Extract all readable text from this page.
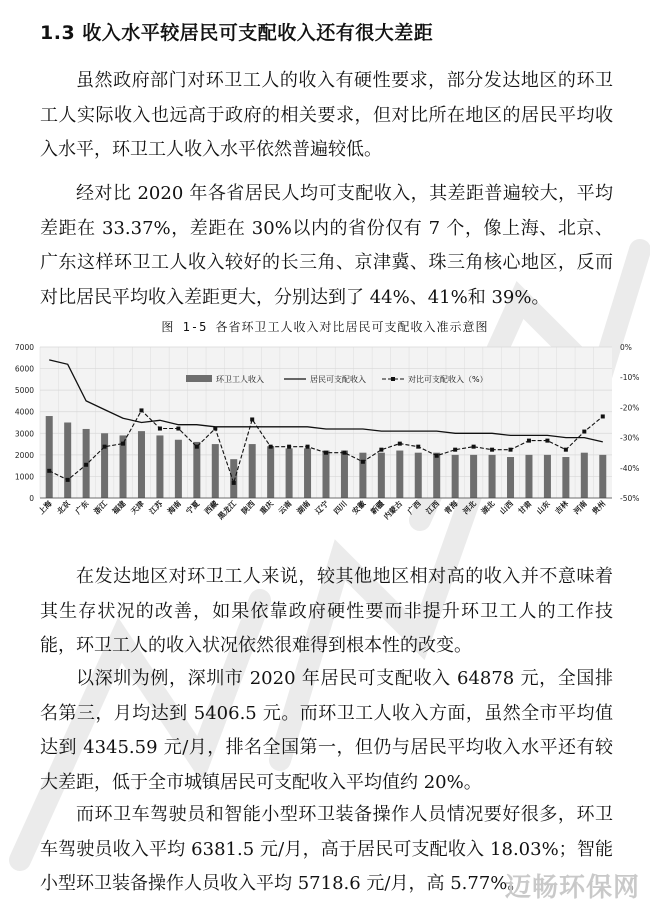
1.3 收入水平较居民可支配收入还有很大差距

虽然政府部门对环卫工人的收入有硬性要求，部分发达地区的环卫工人实际收入也远高于政府的相关要求，但对比所在地区的居民平均收入水平，环卫工人收入水平依然普遍较低。

经对比 2020 年各省居民人均可支配收入，其差距普遍较大，平均差距在 33.37%，差距在 30%以内的省份仅有 7 个，像上海、北京、广东这样环卫工人收入较好的长三角、京津冀、珠三角核心地区，反而对比居民平均收入差距更大，分别达到了 44%、41%和 39%。

图 1-5 各省环卫工人收入对比居民可支配收入准示意图
0
1000
2000
3000
4000
5000
6000
7000	0%
-10%
-20%
-30%
-40%
-50%
上海 北京 广东 浙江 福建 天津 江苏 海南 宁夏 西藏
黑龙江 陕西 重庆 云南 湖南 辽宁 四川 安徽 新疆
内蒙古 广西 江西 青海 河北 湖北 山西 甘肃 山东 吉林 河南 贵州
环卫工人收入	居民可支配收入	对比可支配收入（%）

在发达地区对环卫工人来说，较其他地区相对高的收入并不意味着其生存状况的改善，如果依靠政府硬性要而非提升环卫工人的工作技能，环卫工人的收入状况依然很难得到根本性的改变。

以深圳为例，深圳市 2020 年居民可支配收入 64878 元，全国排名第三，月均达到 5406.5 元。而环卫工人收入方面，虽然全市平均值达到 4345.59 元/月，排名全国第一，但仍与居民平均收入水平还有较大差距，低于全市城镇居民可支配收入平均值约 20%。

而环卫车驾驶员和智能小型环卫装备操作人员情况要好很多，环卫车驾驶员收入平均 6381.5 元/月，高于居民可支配收入 18.03%；智能小型环卫装备操作人员收入平均 5718.6 元/月，高 5.77%。

迈畅环保网
